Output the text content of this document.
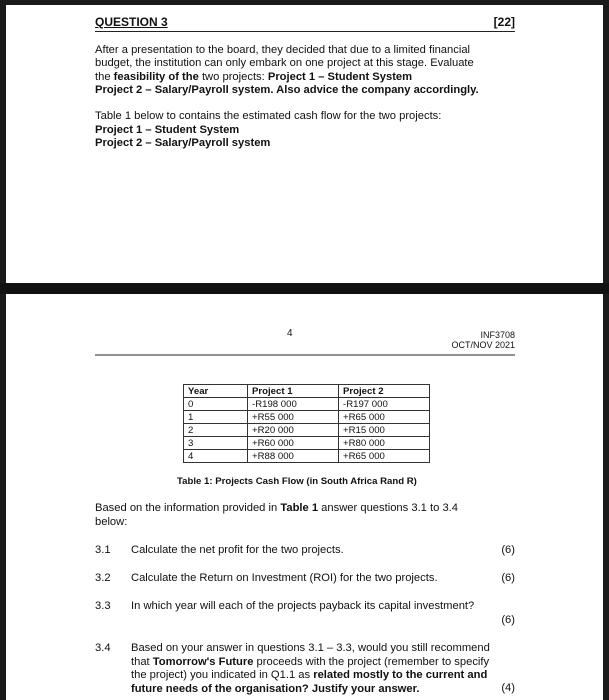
QUESTION 3	[22]
After a presentation to the board, they decided that due to a limited financial
budget, the institution can only embark on one project at this stage. Evaluate
the feasibility of the two projects: Project 1 – Student System
Project 2 – Salary/Payroll system. Also advice the company accordingly.
Table 1 below to contains the estimated cash flow for the two projects:
Project 1 – Student System
Project 2 – Salary/Payroll system
4	INF3708
OCT/NOV 2021
Year	Project 1	Project 2
0	-R198 000	-R197 000
1	+R55 000	+R65 000
2	+R20 000	+R15 000
3	+R60 000	+R80 000
4	+R88 000	+R65 000
Table 1: Projects Cash Flow (in South Africa Rand R)
Based on the information provided in Table 1 answer questions 3.1 to 3.4
below:
3.1 Calculate the net profit for the two projects.	(6)
3.2 Calculate the Return on Investment (ROI) for the two projects.	(6)
3.3 In which year will each of the projects payback its capital investment?
(6)
3.4 Based on your answer in questions 3.1 – 3.3, would you still recommend
that Tomorrow's Future proceeds with the project (remember to specify
the project) you indicated in Q1.1 as related mostly to the current and
future needs of the organisation? Justify your answer.	(4)
